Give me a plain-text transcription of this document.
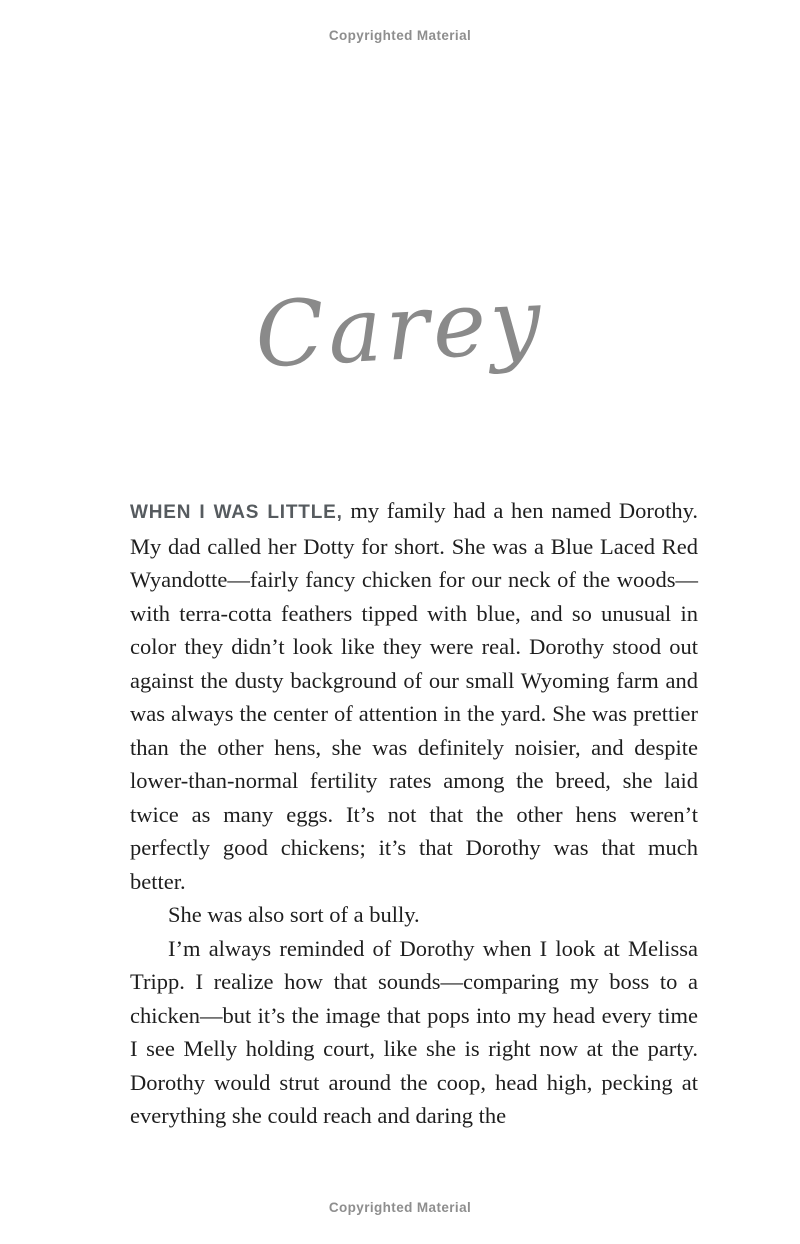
Copyrighted Material
Carey

WHEN I WAS LITTLE, my family had a hen named Dorothy. My dad called her Dotty for short. She was a Blue Laced Red Wyandotte—fairly fancy chicken for our neck of the woods—with terra-cotta feathers tipped with blue, and so unusual in color they didn’t look like they were real. Dorothy stood out against the dusty background of our small Wyoming farm and was always the center of attention in the yard. She was prettier than the other hens, she was definitely noisier, and despite lower-than-normal fertility rates among the breed, she laid twice as many eggs. It’s not that the other hens weren’t perfectly good chickens; it’s that Dorothy was that much better.

She was also sort of a bully.

I’m always reminded of Dorothy when I look at Melissa Tripp. I realize how that sounds—comparing my boss to a chicken—but it’s the image that pops into my head every time I see Melly holding court, like she is right now at the party. Dorothy would strut around the coop, head high, pecking at everything she could reach and daring the

Copyrighted Material
